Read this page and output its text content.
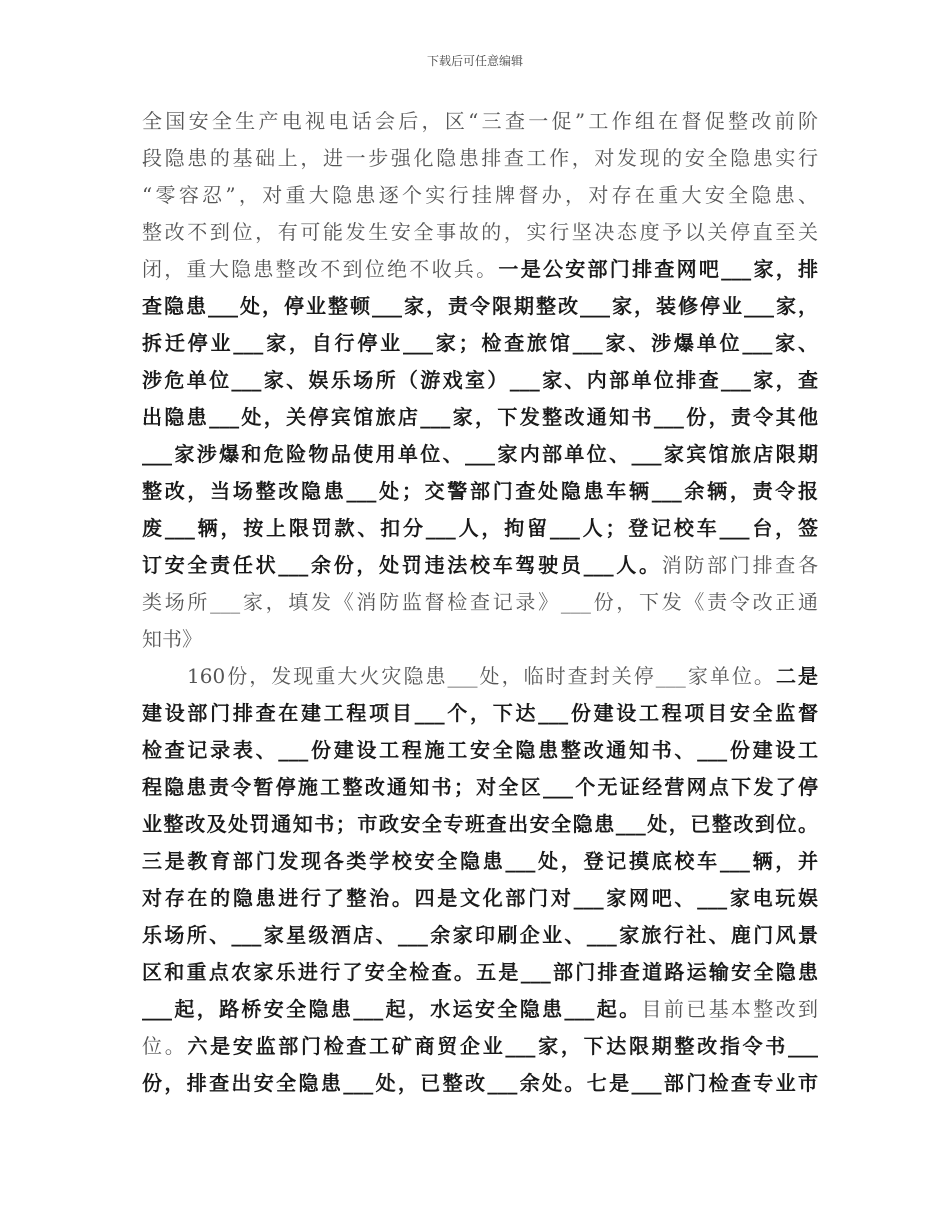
下载后可任意编辑
全国安全生产电视电话会后，区“三查一促”工作组在督促整改前阶
段隐患的基础上，进一步强化隐患排查工作，对发现的安全隐患实行
“零容忍”，对重大隐患逐个实行挂牌督办，对存在重大安全隐患、
整改不到位，有可能发生安全事故的，实行坚决态度予以关停直至关
闭，重大隐患整改不到位绝不收兵。一是公安部门排查网吧___家，排
查隐患___处，停业整顿___家，责令限期整改___家，装修停业___家，
拆迁停业___家，自行停业___家；检查旅馆___家、涉爆单位___家、
涉危单位___家、娱乐场所（游戏室）___家、内部单位排查___家，查
出隐患___处，关停宾馆旅店___家，下发整改通知书___份，责令其他
___家涉爆和危险物品使用单位、___家内部单位、___家宾馆旅店限期
整改，当场整改隐患___处；交警部门查处隐患车辆___余辆，责令报
废___辆，按上限罚款、扣分___人，拘留___人；登记校车___台，签
订安全责任状___余份，处罚违法校车驾驶员___人。消防部门排查各
类场所___家，填发《消防监督检查记录》___份，下发《责令改正通
知书》
160份，发现重大火灾隐患___处，临时查封关停___家单位。二是
建设部门排查在建工程项目___个，下达___份建设工程项目安全监督
检查记录表、___份建设工程施工安全隐患整改通知书、___份建设工
程隐患责令暂停施工整改通知书；对全区___个无证经营网点下发了停
业整改及处罚通知书；市政安全专班查出安全隐患___处，已整改到位。
三是教育部门发现各类学校安全隐患___处，登记摸底校车___辆，并
对存在的隐患进行了整治。四是文化部门对___家网吧、___家电玩娱
乐场所、___家星级酒店、___余家印刷企业、___家旅行社、鹿门风景
区和重点农家乐进行了安全检查。五是___部门排查道路运输安全隐患
___起，路桥安全隐患___起，水运安全隐患___起。目前已基本整改到
位。六是安监部门检查工矿商贸企业___家，下达限期整改指令书___
份，排查出安全隐患___处，已整改___余处。七是___部门检查专业市
